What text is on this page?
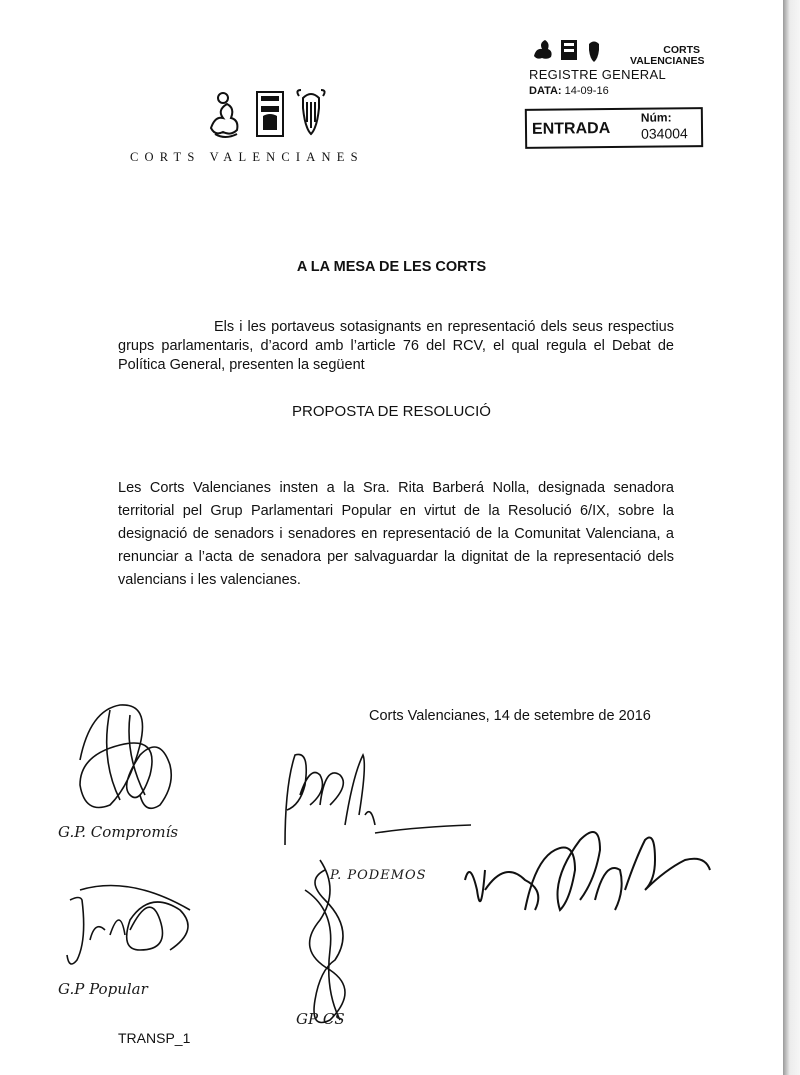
CORTS VALENCIANES
CORTS VALENCIANES
REGISTRE GENERAL
DATA: 14-09-16
ENTRADA
Núm:
034004
A LA MESA DE LES CORTS
Els i les portaveus sotasignants en representació dels seus respectius grups parlamentaris, d’acord amb l’article 76 del RCV, el qual regula el Debat de Política General, presenten la següent
PROPOSTA DE RESOLUCIÓ
Les Corts Valencianes insten a la Sra. Rita Barberá Nolla, designada senadora territorial pel Grup Parlamentari Popular en virtut de la Resolució 6/IX, sobre la designació de senadors i senadores en representació de la Comunitat Valenciana, a renunciar a l’acta de senadora per salvaguardar la dignitat de la representació dels valencians i les valencianes.
Corts Valencianes, 14 de setembre de 2016
G.P. Compromís
P. PODEMOS
G.P Popular
GP CS
TRANSP_1
